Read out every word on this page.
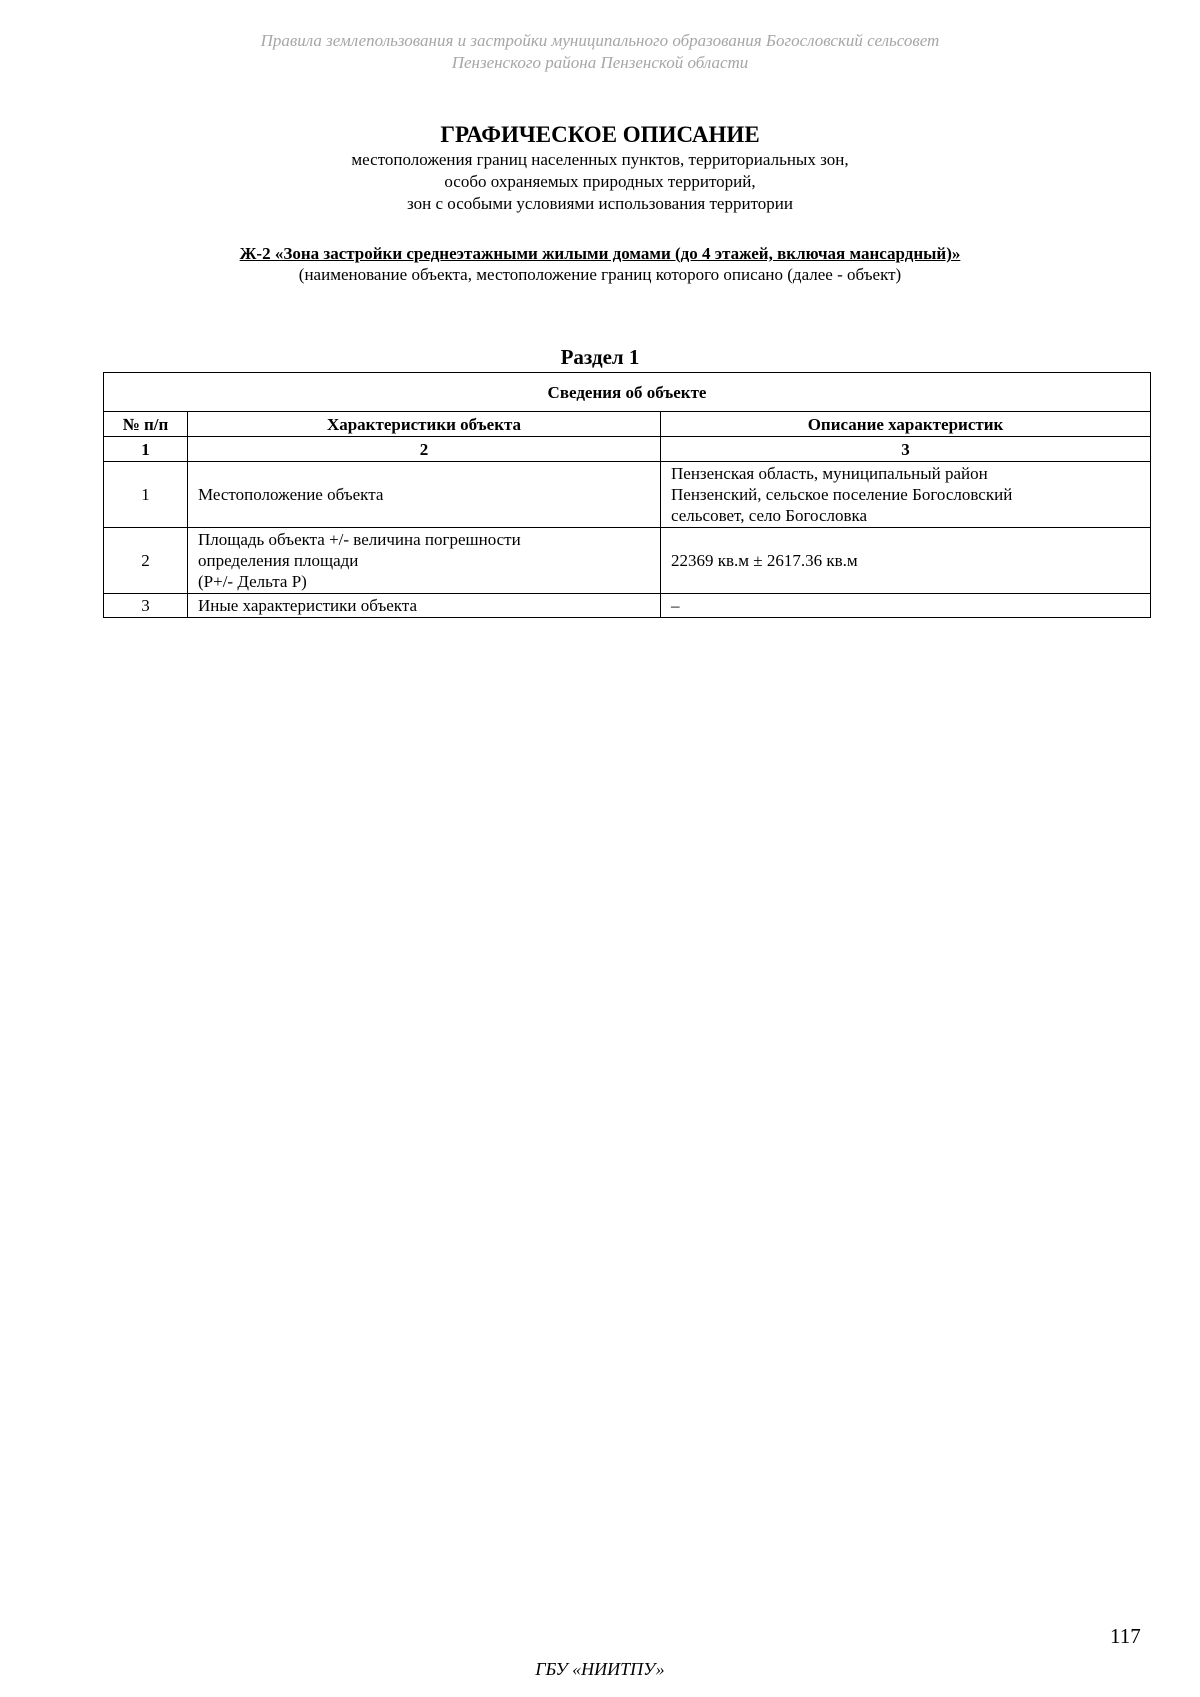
Правила землепользования и застройки муниципального образования Богословский сельсовет
Пензенского района Пензенской области
ГРАФИЧЕСКОЕ ОПИСАНИЕ
местоположения границ населенных пунктов, территориальных зон,
особо охраняемых природных территорий,
зон с особыми условиями использования территории
Ж-2 «Зона застройки среднеэтажными жилыми домами (до 4 этажей, включая мансардный)»
(наименование объекта, местоположение границ которого описано (далее - объект)
Раздел 1
Сведения об объекте		
№ п/п	Характеристики объекта	Описание характеристик
1	2	3
1	Местоположение объекта	Пензенская область, муниципальный район
Пензенский, сельское поселение Богословский
сельсовет, село Богословка

2	Площадь объекта +/- величина погрешности
определения площади
(Р+/- Дельта Р)	22369 кв.м ± 2617.36 кв.м

3	Иные характеристики объекта	–
117
ГБУ «НИИТПУ»
